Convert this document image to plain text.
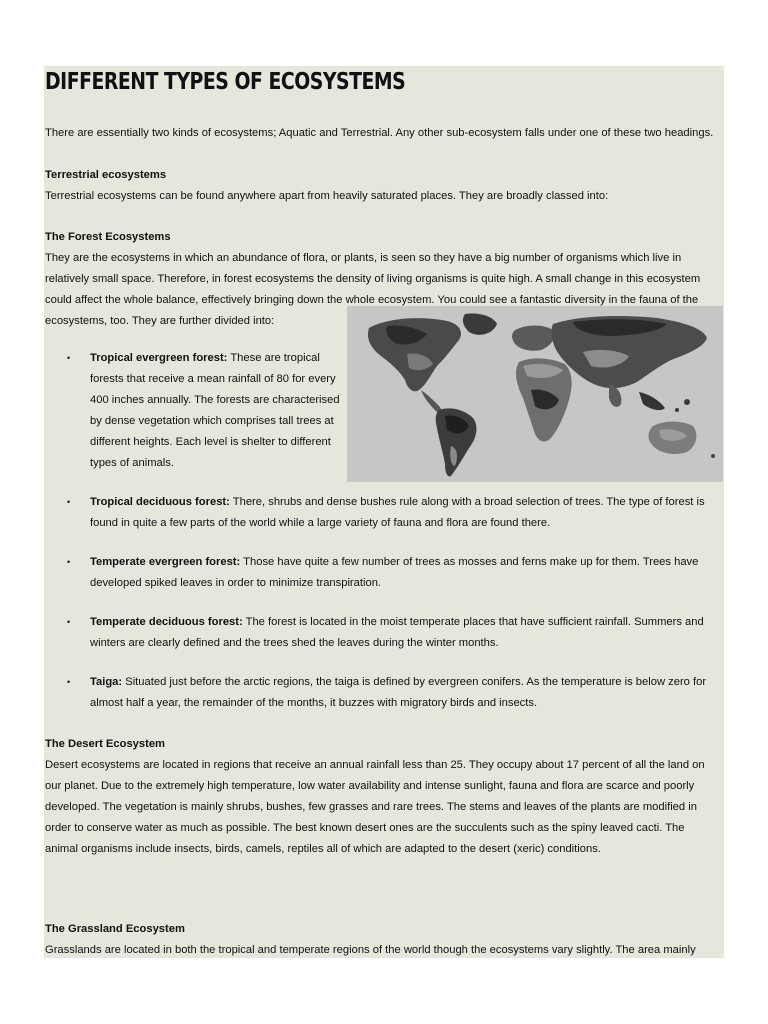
DIFFERENT TYPES OF ECOSYSTEMS

There are essentially two kinds of ecosystems; Aquatic and Terrestrial. Any other sub-ecosystem falls under one of these two headings.

Terrestrial ecosystems

Terrestrial ecosystems can be found anywhere apart from heavily saturated places. They are broadly classed into:

The Forest Ecosystems

They are the ecosystems in which an abundance of flora, or plants, is seen so they have a big number of organisms which live in
relatively small space. Therefore, in forest ecosystems the density of living organisms is quite high. A small change in this ecosystem
could affect the whole balance, effectively bringing down the whole ecosystem. You could see a fantastic diversity in the fauna of the
ecosystems, too. They are further divided into:
• Tropical evergreen forest: These are tropical
forests that receive a mean rainfall of 80 for every
400 inches annually. The forests are characterised
by dense vegetation which comprises tall trees at
different heights. Each level is shelter to different
types of animals.
• Tropical deciduous forest: There, shrubs and dense bushes rule along with a broad selection of trees. The type of forest is
found in quite a few parts of the world while a large variety of fauna and flora are found there.
• Temperate evergreen forest: Those have quite a few number of trees as mosses and ferns make up for them. Trees have
developed spiked leaves in order to minimize transpiration.
• Temperate deciduous forest: The forest is located in the moist temperate places that have sufficient rainfall. Summers and
winters are clearly defined and the trees shed the leaves during the winter months.
• Taiga: Situated just before the arctic regions, the taiga is defined by evergreen conifers. As the temperature is below zero for
almost half a year, the remainder of the months, it buzzes with migratory birds and insects.

The Desert Ecosystem

Desert ecosystems are located in regions that receive an annual rainfall less than 25. They occupy about 17 percent of all the land on
our planet. Due to the extremely high temperature, low water availability and intense sunlight, fauna and flora are scarce and poorly
developed. The vegetation is mainly shrubs, bushes, few grasses and rare trees. The stems and leaves of the plants are modified in
order to conserve water as much as possible. The best known desert ones are the succulents such as the spiny leaved cacti. The
animal organisms include insects, birds, camels, reptiles all of which are adapted to the desert (xeric) conditions.

The Grassland Ecosystem

Grasslands are located in both the tropical and temperate regions of the world though the ecosystems vary slightly. The area mainly
